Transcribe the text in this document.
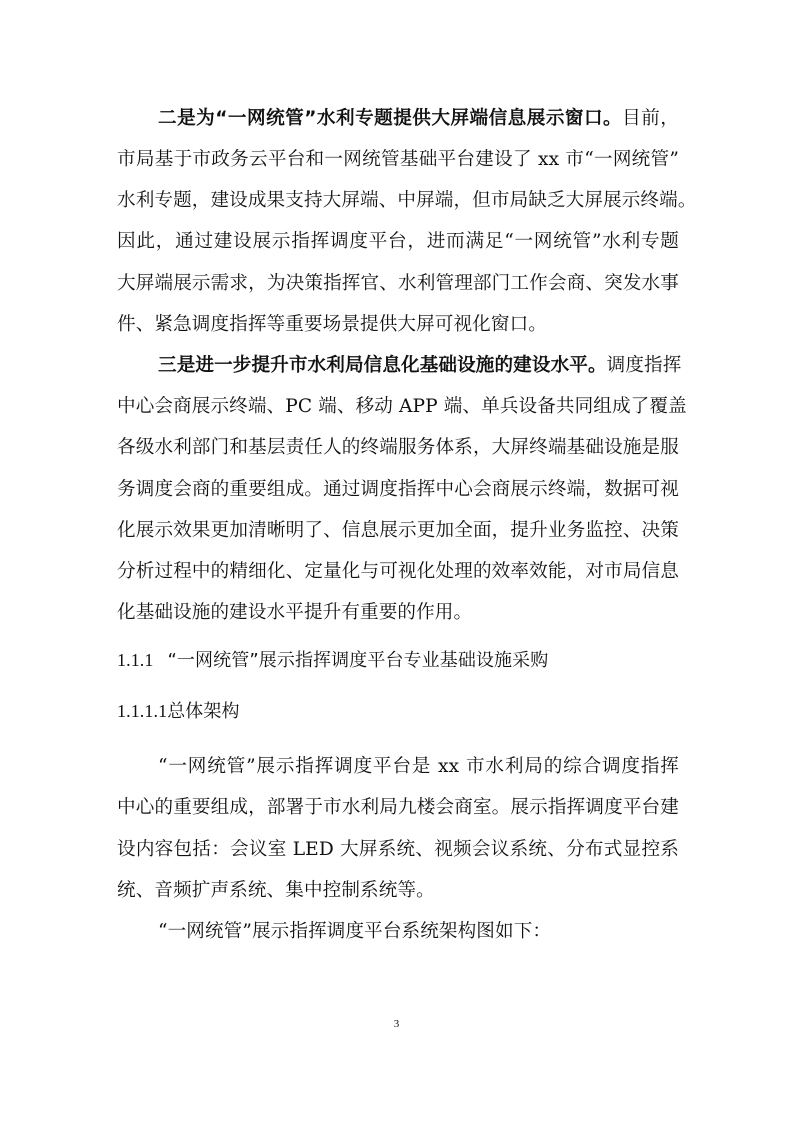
二是为“一网统管”水利专题提供大屏端信息展示窗口。目前，
市局基于市政务云平台和一网统管基础平台建设了 xx 市“一网统管”
水利专题，建设成果支持大屏端、中屏端，但市局缺乏大屏展示终端。
因此，通过建设展示指挥调度平台，进而满足“一网统管”水利专题
大屏端展示需求，为决策指挥官、水利管理部门工作会商、突发水事
件、紧急调度指挥等重要场景提供大屏可视化窗口。
三是进一步提升市水利局信息化基础设施的建设水平。调度指挥
中心会商展示终端、PC 端、移动 APP 端、单兵设备共同组成了覆盖
各级水利部门和基层责任人的终端服务体系，大屏终端基础设施是服
务调度会商的重要组成。通过调度指挥中心会商展示终端，数据可视
化展示效果更加清晰明了、信息展示更加全面，提升业务监控、决策
分析过程中的精细化、定量化与可视化处理的效率效能，对市局信息
化基础设施的建设水平提升有重要的作用。
1.1.1 “一网统管”展示指挥调度平台专业基础设施采购
1.1.1.1总体架构
“一网统管”展示指挥调度平台是 xx 市水利局的综合调度指挥
中心的重要组成，部署于市水利局九楼会商室。展示指挥调度平台建
设内容包括：会议室 LED 大屏系统、视频会议系统、分布式显控系
统、音频扩声系统、集中控制系统等。
“一网统管”展示指挥调度平台系统架构图如下：
3
